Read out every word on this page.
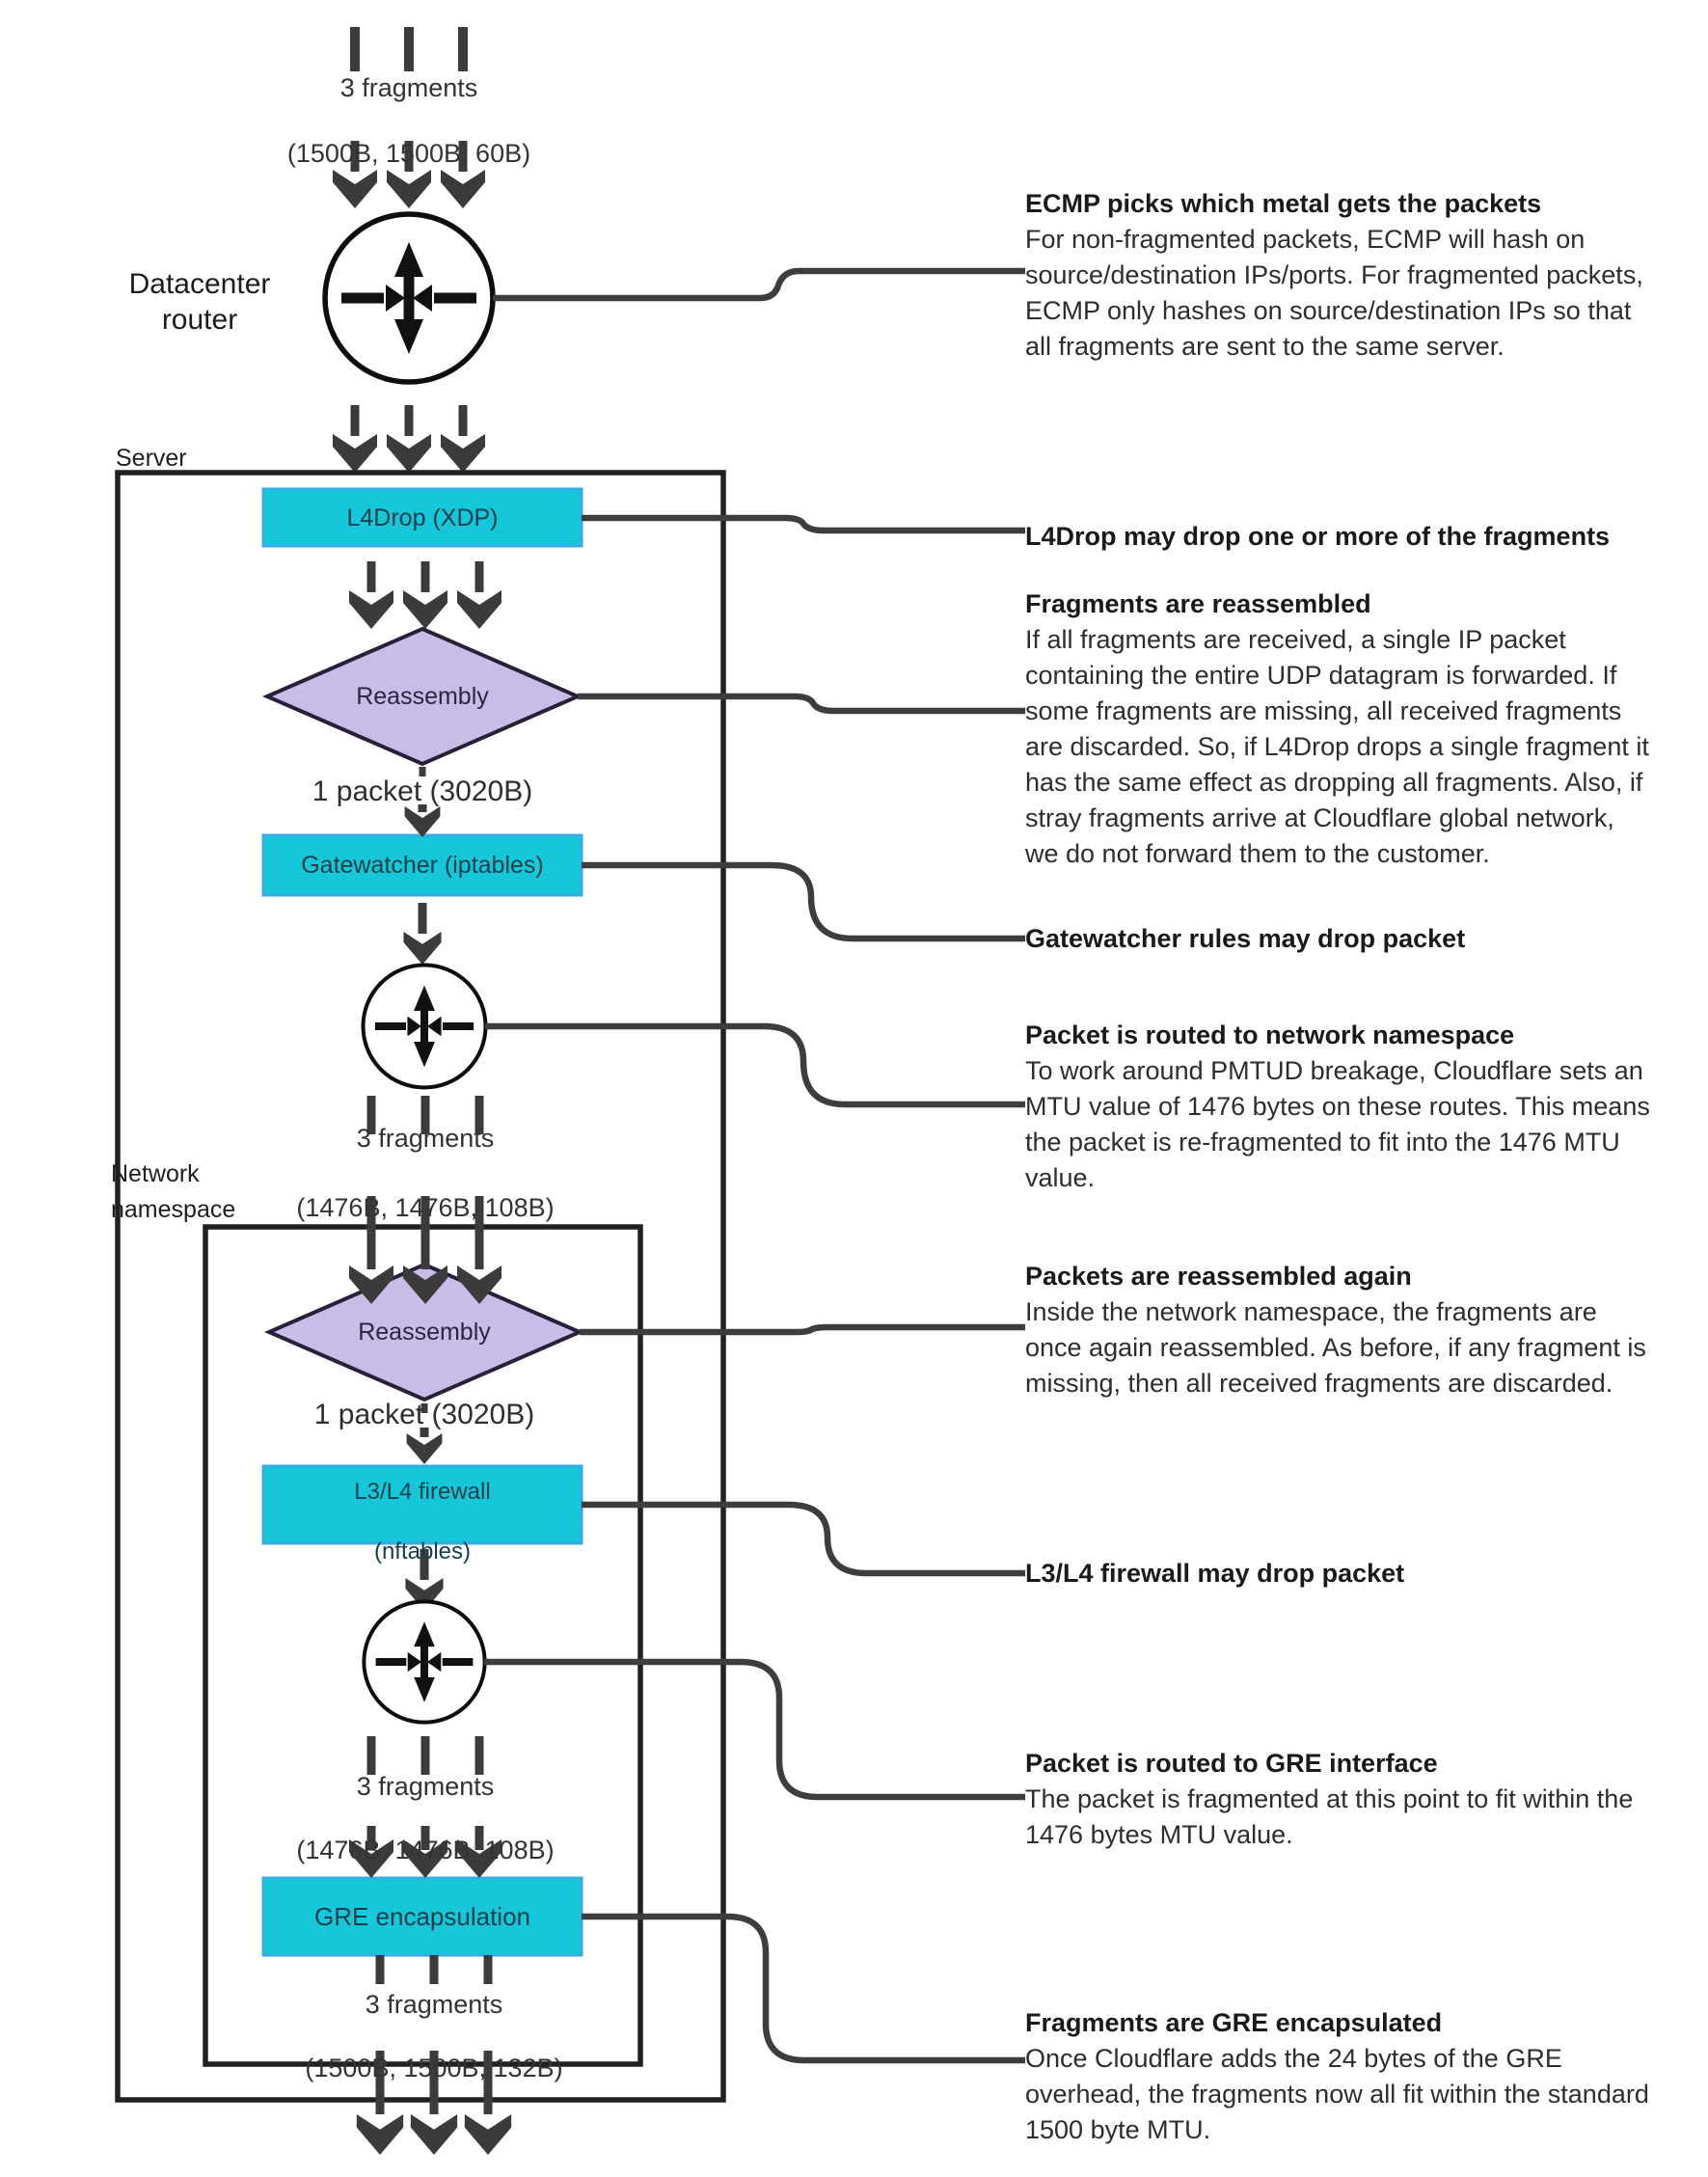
3 fragments

(1500B, 1500B, 60B)
Datacenter router
Server
L4Drop (XDP)
Reassembly
1 packet (3020B)
Gatewatcher (iptables)
3 fragments

(1476B, 1476B, 108B)
Network namespace
Reassembly
1 packet (3020B)
L3/L4 firewall

(nftables)
3 fragments

(1476B, 1476B, 108B)
GRE encapsulation
3 fragments

(1500B, 1500B, 132B)
ECMP picks which metal gets the packets
For non-fragmented packets, ECMP will hash on source/destination IPs/ports. For fragmented packets, ECMP only hashes on source/destination IPs so that all fragments are sent to the same server.
L4Drop may drop one or more of the fragments
Fragments are reassembled
If all fragments are received, a single IP packet containing the entire UDP datagram is forwarded. If some fragments are missing, all received fragments are discarded. So, if L4Drop drops a single fragment it has the same effect as dropping all fragments. Also, if stray fragments arrive at Cloudflare global network, we do not forward them to the customer.
Gatewatcher rules may drop packet
Packet is routed to network namespace
To work around PMTUD breakage, Cloudflare sets an MTU value of 1476 bytes on these routes. This means the packet is re-fragmented to fit into the 1476 MTU value.
Packets are reassembled again
Inside the network namespace, the fragments are once again reassembled. As before, if any fragment is missing, then all received fragments are discarded.
L3/L4 firewall may drop packet
Packet is routed to GRE interface
The packet is fragmented at this point to fit within the 1476 bytes MTU value.
Fragments are GRE encapsulated
Once Cloudflare adds the 24 bytes of the GRE overhead, the fragments now all fit within the standard 1500 byte MTU.
